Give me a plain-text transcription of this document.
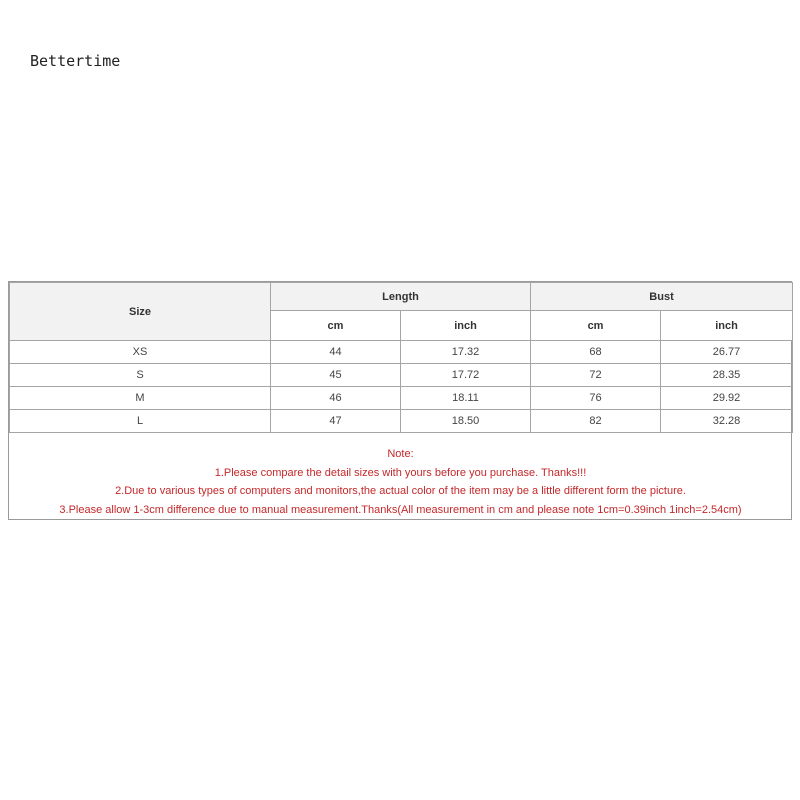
Bettertime
Size	Length		Bust	
	cm	inch	cm	inch
XS	44	17.32	68	26.77
S	45	17.72	72	28.35
M	46	18.11	76	29.92
L	47	18.50	82	32.28
Note:
1.Please compare the detail sizes with yours before you purchase. Thanks!!!
2.Due to various types of computers and monitors,the actual color of the item may be a little different form the picture.
3.Please allow 1-3cm difference due to manual measurement.Thanks(All measurement in cm and please note 1cm=0.39inch 1inch=2.54cm)
